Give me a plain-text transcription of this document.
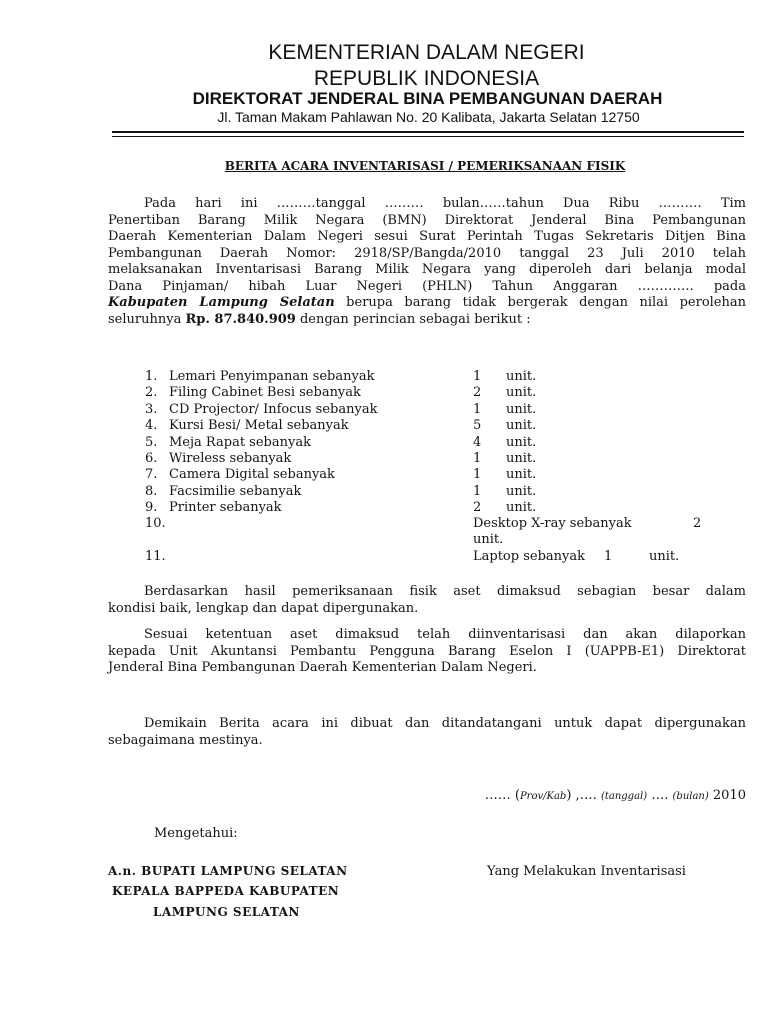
KEMENTERIAN DALAM NEGERI
REPUBLIK INDONESIA
DIREKTORAT JENDERAL BINA PEMBANGUNAN DAERAH
Jl. Taman Makam Pahlawan No. 20 Kalibata, Jakarta Selatan 12750
BERITA ACARA INVENTARISASI / PEMERIKSANAAN FISIK
Pada hari ini ………tanggal ……… bulan……tahun Dua Ribu ………. Tim
Penertiban Barang Milik Negara (BMN) Direktorat Jenderal Bina Pembangunan
Daerah Kementerian Dalam Negeri sesui Surat Perintah Tugas Sekretaris Ditjen Bina
Pembangunan Daerah Nomor: 2918/SP/Bangda/2010 tanggal 23 Juli 2010 telah
melaksanakan Inventarisasi Barang Milik Negara yang diperoleh dari belanja modal
Dana Pinjaman/ hibah Luar Negeri (PHLN) Tahun Anggaran …………. pada
Kabupaten Lampung Selatan berupa barang tidak bergerak dengan nilai perolehan
seluruhnya Rp. 87.840.909 dengan perincian sebagai berikut :
1. Lemari Penyimpanan sebanyak	1 unit.
2. Filing Cabinet Besi sebanyak	2 unit.
3. CD Projector/ Infocus sebanyak	1 unit.
4. Kursi Besi/ Metal sebanyak	5 unit.
5. Meja Rapat sebanyak	4 unit.
6. Wireless sebanyak	1 unit.
7. Camera Digital sebanyak	1 unit.
8. Facsimilie sebanyak	1 unit.
9. Printer sebanyak	2 unit.
10.	Desktop X-ray sebanyak	2
unit.
11.	Laptop sebanyak 1	unit.
Berdasarkan hasil pemeriksanaan fisik aset dimaksud sebagian besar dalam
kondisi baik, lengkap dan dapat dipergunakan.
Sesuai ketentuan aset dimaksud telah diinventarisasi dan akan dilaporkan
kepada Unit Akuntansi Pembantu Pengguna Barang Eselon I (UAPPB-E1) Direktorat
Jenderal Bina Pembangunan Daerah Kementerian Dalam Negeri.
Demikain Berita acara ini dibuat dan ditandatangani untuk dapat dipergunakan
sebagaimana mestinya.
…… (Prov/Kab) ,…. (tanggal) …. (bulan) 2010
Mengetahui:
A.n. BUPATI LAMPUNG SELATAN
KEPALA BAPPEDA KABUPATEN
LAMPUNG SELATAN
Yang Melakukan Inventarisasi
